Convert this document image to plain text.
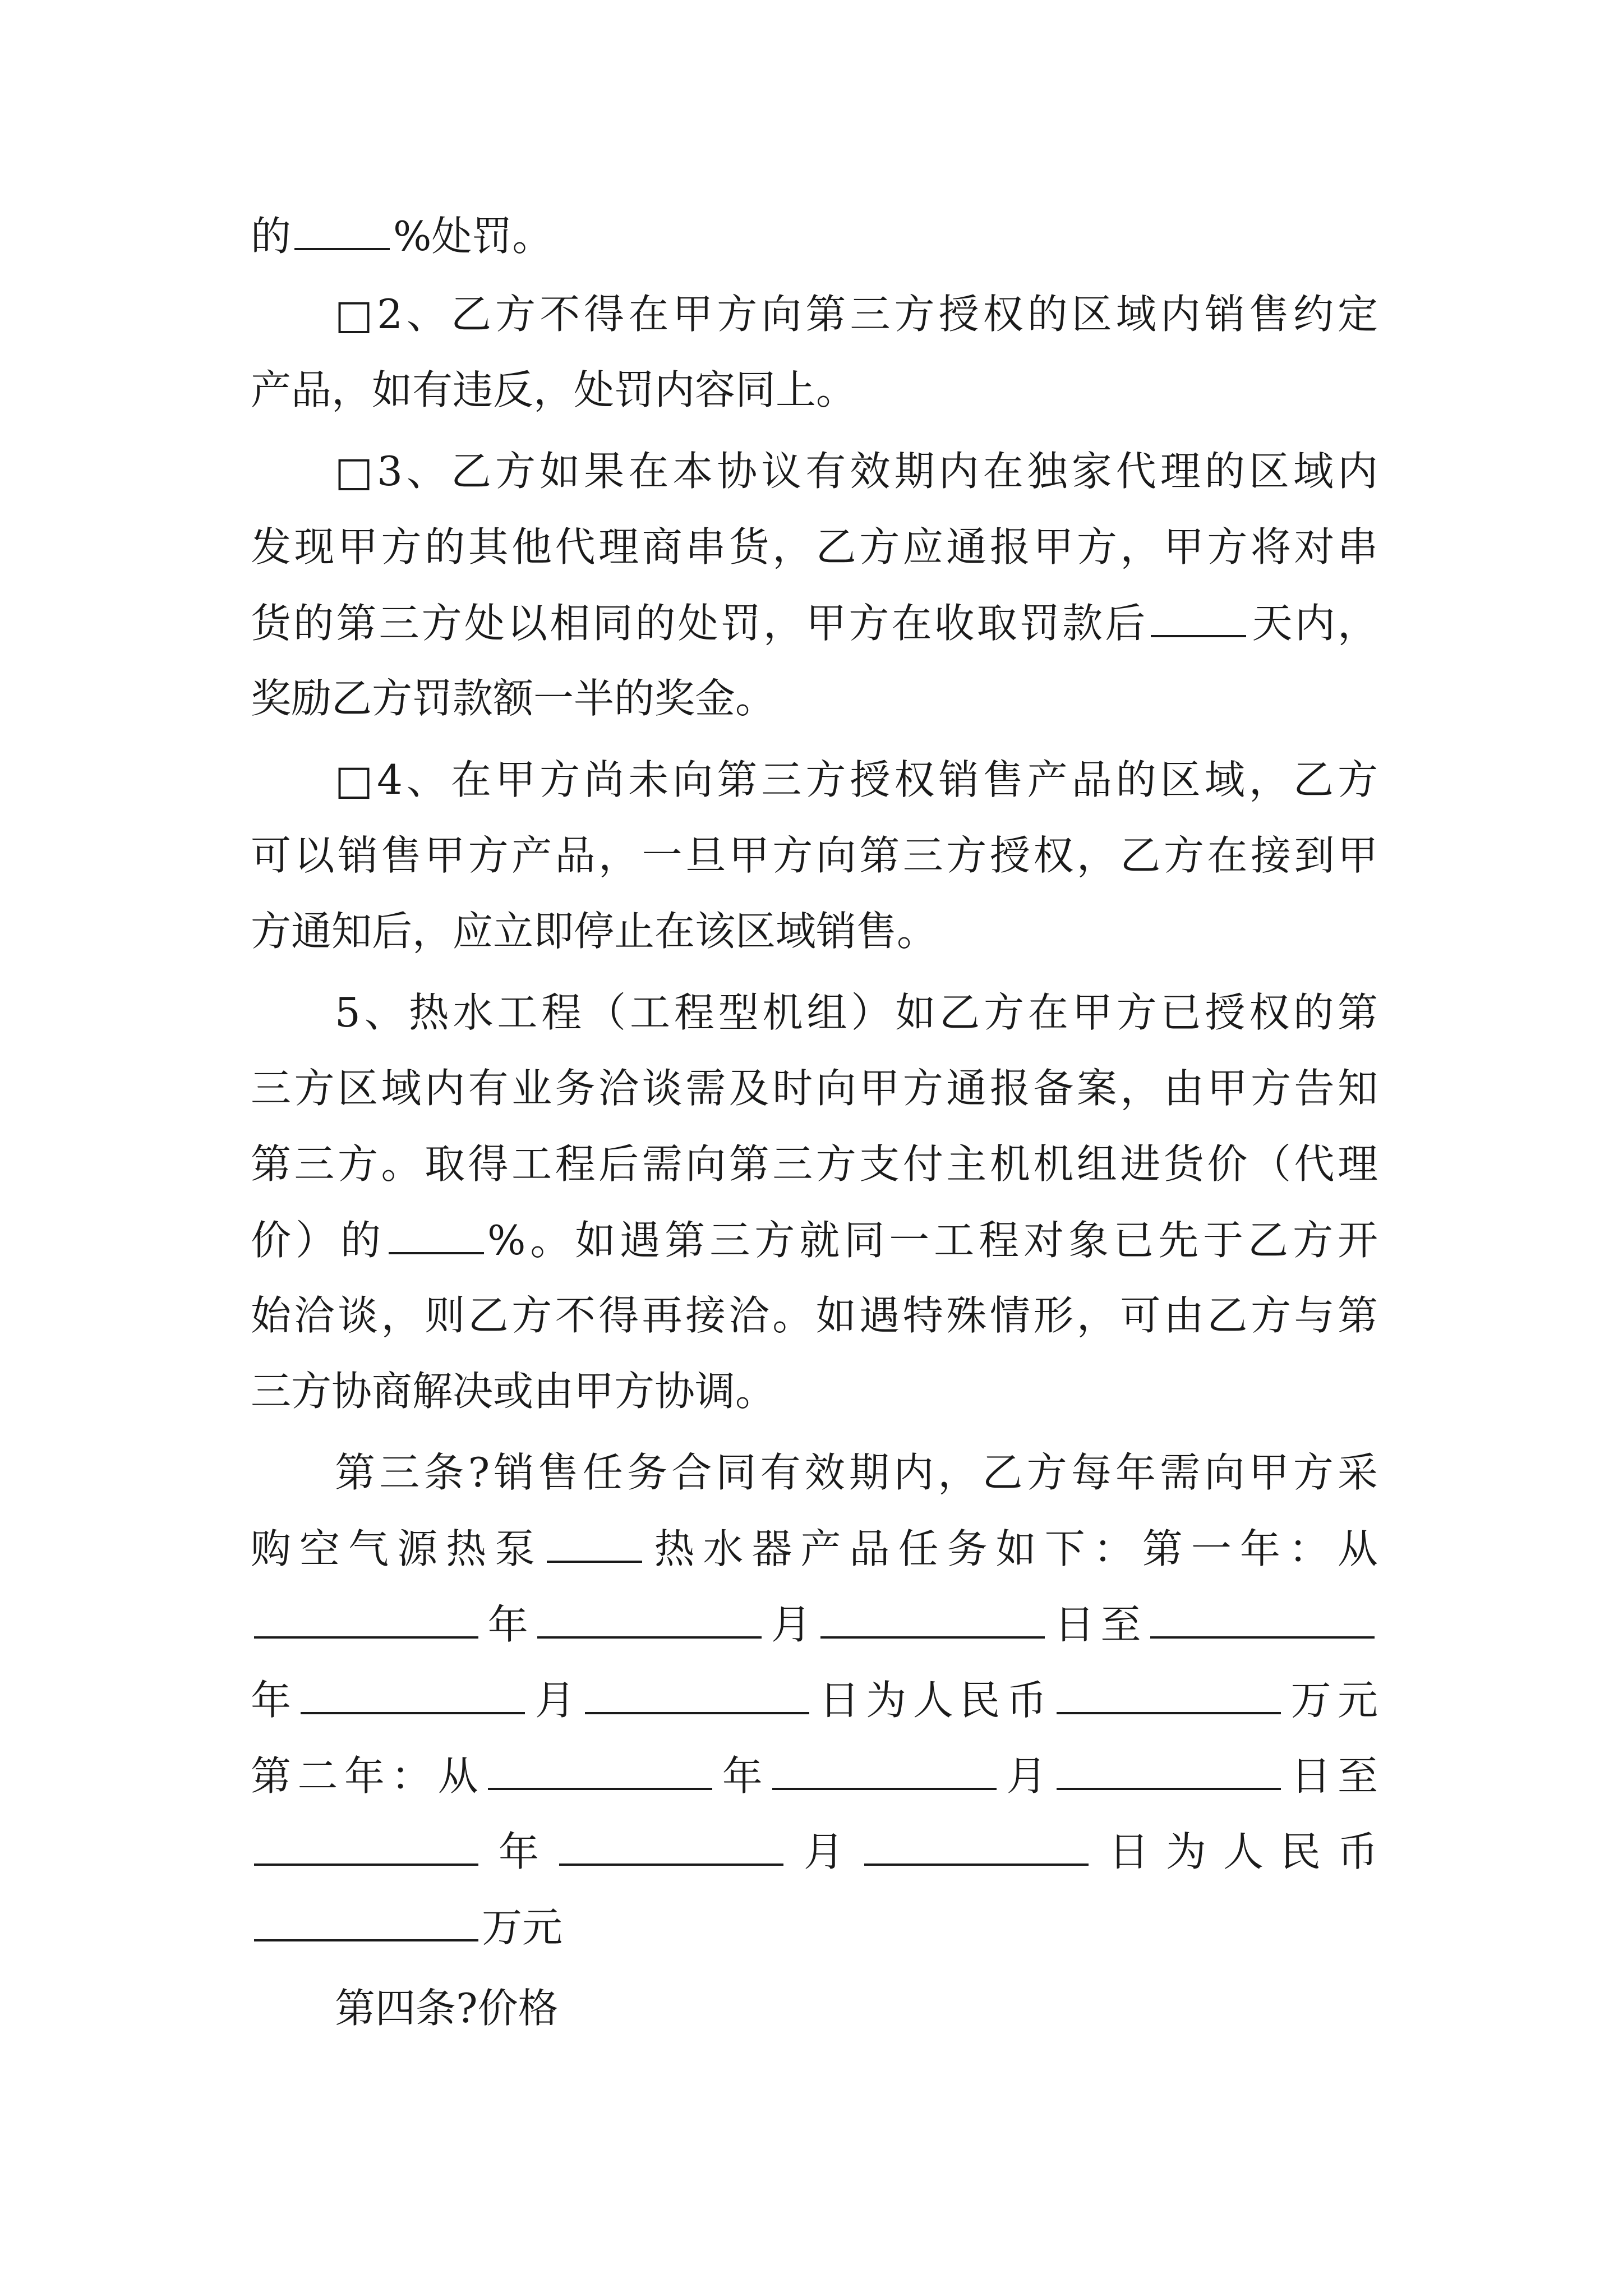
的	%处罚。
□2、乙方不得在甲方向第三方授权的区域内销售约定
产品，如有违反，处罚内容同上。
□3、乙方如果在本协议有效期内在独家代理的区域内
发现甲方的其他代理商串货，乙方应通报甲方，甲方将对串
货的第三方处以相同的处罚，甲方在收取罚款后	天内，
奖励乙方罚款额一半的奖金。
□4、在甲方尚未向第三方授权销售产品的区域，乙方
可以销售甲方产品，一旦甲方向第三方授权，乙方在接到甲
方通知后，应立即停止在该区域销售。
5、热水工程（工程型机组）如乙方在甲方已授权的第
三方区域内有业务洽谈需及时向甲方通报备案，由甲方告知
第三方。取得工程后需向第三方支付主机机组进货价（代理
价）的	%。如遇第三方就同一工程对象已先于乙方开
始洽谈，则乙方不得再接洽。如遇特殊情形，可由乙方与第
三方协商解决或由甲方协调。
第三条?销售任务合同有效期内，乙方每年需向甲方采
购空气源热泵	热水器产品任务如下：第一年：从
年	月	日至
年	月	日为人民币	万元
第二年：从	年	月	日至
年	月	日为人民币
万元
第四条?价格
